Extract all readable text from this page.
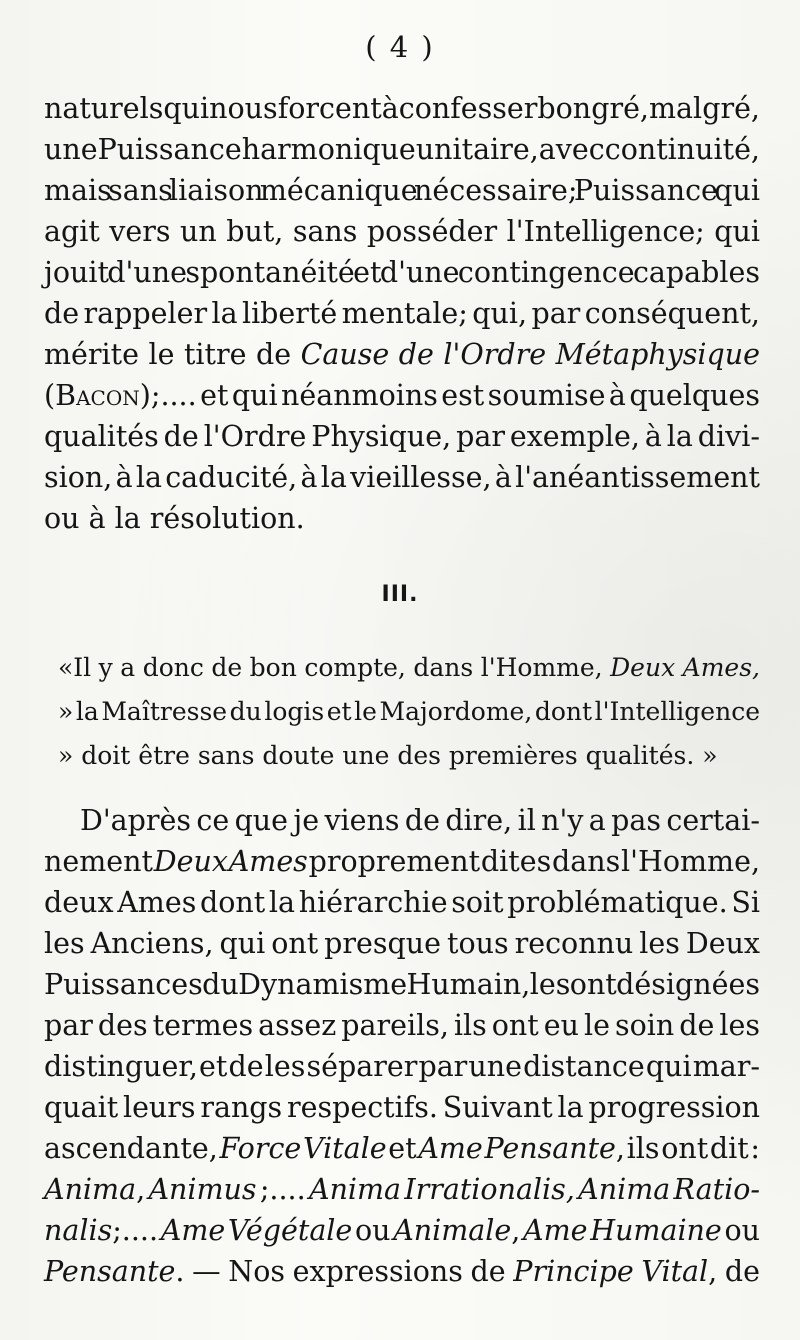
( 4 )
naturels qui nous forcent à confesser bon gré, mal gré,
une Puissance harmonique unitaire, avec continuité,
mais sans liaison mécanique nécessaire; Puissance qui
agit vers un but, sans posséder l'Intelligence; qui
jouit d'une spontanéité et d'une contingence capables
de rappeler la liberté mentale; qui, par conséquent,
mérite le titre de Cause de l'Ordre Métaphysique
(Bacon);.... et qui néanmoins est soumise à quelques
qualités de l'Ordre Physique, par exemple, à la divi-
sion, à la caducité, à la vieillesse, à l'anéantissement
ou à la résolution.
III.
«Il y a donc de bon compte, dans l'Homme, Deux Ames,
» la Maîtresse du logis et le Majordome, dont l'Intelligence
» doit être sans doute une des premières qualités. »
D'après ce que je viens de dire, il n'y a pas certai-
nement Deux Ames proprement dites dans l'Homme,
deux Ames dont la hiérarchie soit problématique. Si
les Anciens, qui ont presque tous reconnu les Deux
Puissances du Dynamisme Humain, les ont désignées
par des termes assez pareils, ils ont eu le soin de les
distinguer, et de les séparer par une distance qui mar-
quait leurs rangs respectifs. Suivant la progression
ascendante, Force Vitale et Ame Pensante, ils ont dit :
Anima, Animus ;.... Anima Irrationalis, Anima Ratio-
nalis;.... Ame Végétale ou Animale, Ame Humaine ou
Pensante. — Nos expressions de Principe Vital, de
